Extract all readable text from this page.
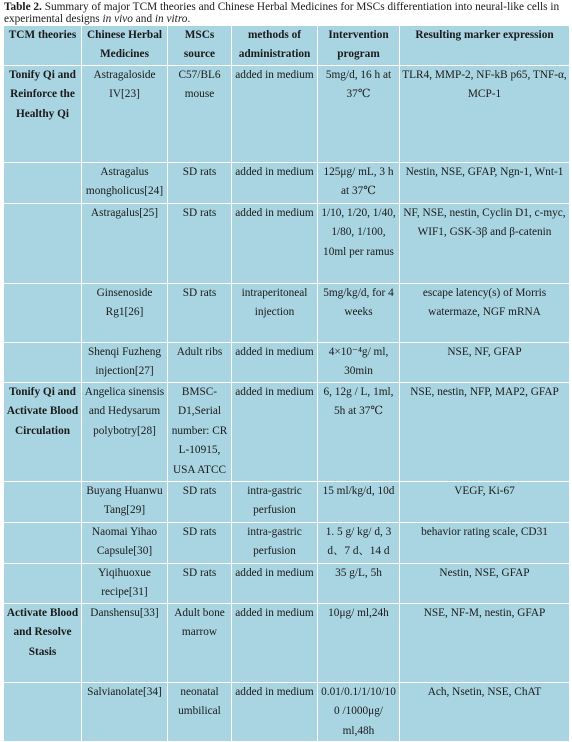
Table 2. Summary of major TCM theories and Chinese Herbal Medicines for MSCs differentiation into neural-like cells in experimental designs in vivo and in vitro.
TCM theories	Chinese Herbal Medicines	MSCs source	methods of administration	Intervention program	Resulting marker expression
Tonify Qi and Reinforce the Healthy Qi	Astragaloside IV[23]	C57/BL6 mouse	added in medium	5mg/d, 16 h at 37℃	TLR4, MMP-2, NF-kB p65, TNF-α, MCP-1
	Astragalus mongholicus[24]	SD rats	added in medium	125μg/ mL, 3 h at 37℃	Nestin, NSE, GFAP, Ngn-1, Wnt-1
	Astragalus[25]	SD rats	added in medium	1/10, 1/20, 1/40, 1/80, 1/100, 10ml per ramus	NF, NSE, nestin, Cyclin D1, c-myc, WIF1, GSK-3β and β-catenin
	Ginsenoside Rg1[26]	SD rats	intraperitoneal injection	5mg/kg/d, for 4 weeks	escape latency(s) of Morris watermaze, NGF mRNA
	Shenqi Fuzheng injection[27]	Adult ribs	added in medium	4×10⁻⁴g/ ml, 30min	NSE, NF, GFAP
Tonify Qi and Activate Blood Circulation	Angelica sinensis and Hedysarum polybotry[28]	BMSC-D1,Serial number: CR L-10915, USA ATCC	added in medium	6, 12g / L, 1ml, 5h at 37℃	NSE, nestin, NFP, MAP2, GFAP
	Buyang Huanwu Tang[29]	SD rats	intra-gastric perfusion	15 ml/kg/d, 10d	VEGF, Ki-67
	Naomai Yihao Capsule[30]	SD rats	intra-gastric perfusion	1. 5 g/ kg/ d, 3 d、7 d、14 d	behavior rating scale, CD31
	Yiqihuoxue recipe[31]	SD rats	added in medium	35 g/L, 5h	Nestin, NSE, GFAP
Activate Blood and Resolve Stasis	Danshensu[33]	Adult bone marrow	added in medium	10μg/ ml,24h	NSE, NF-M, nestin, GFAP
	Salvianolate[34]	neonatal umbilical	added in medium	0.01/0.1/1/10/100 /1000μg/ ml,48h	Ach, Nsetin, NSE, ChAT
